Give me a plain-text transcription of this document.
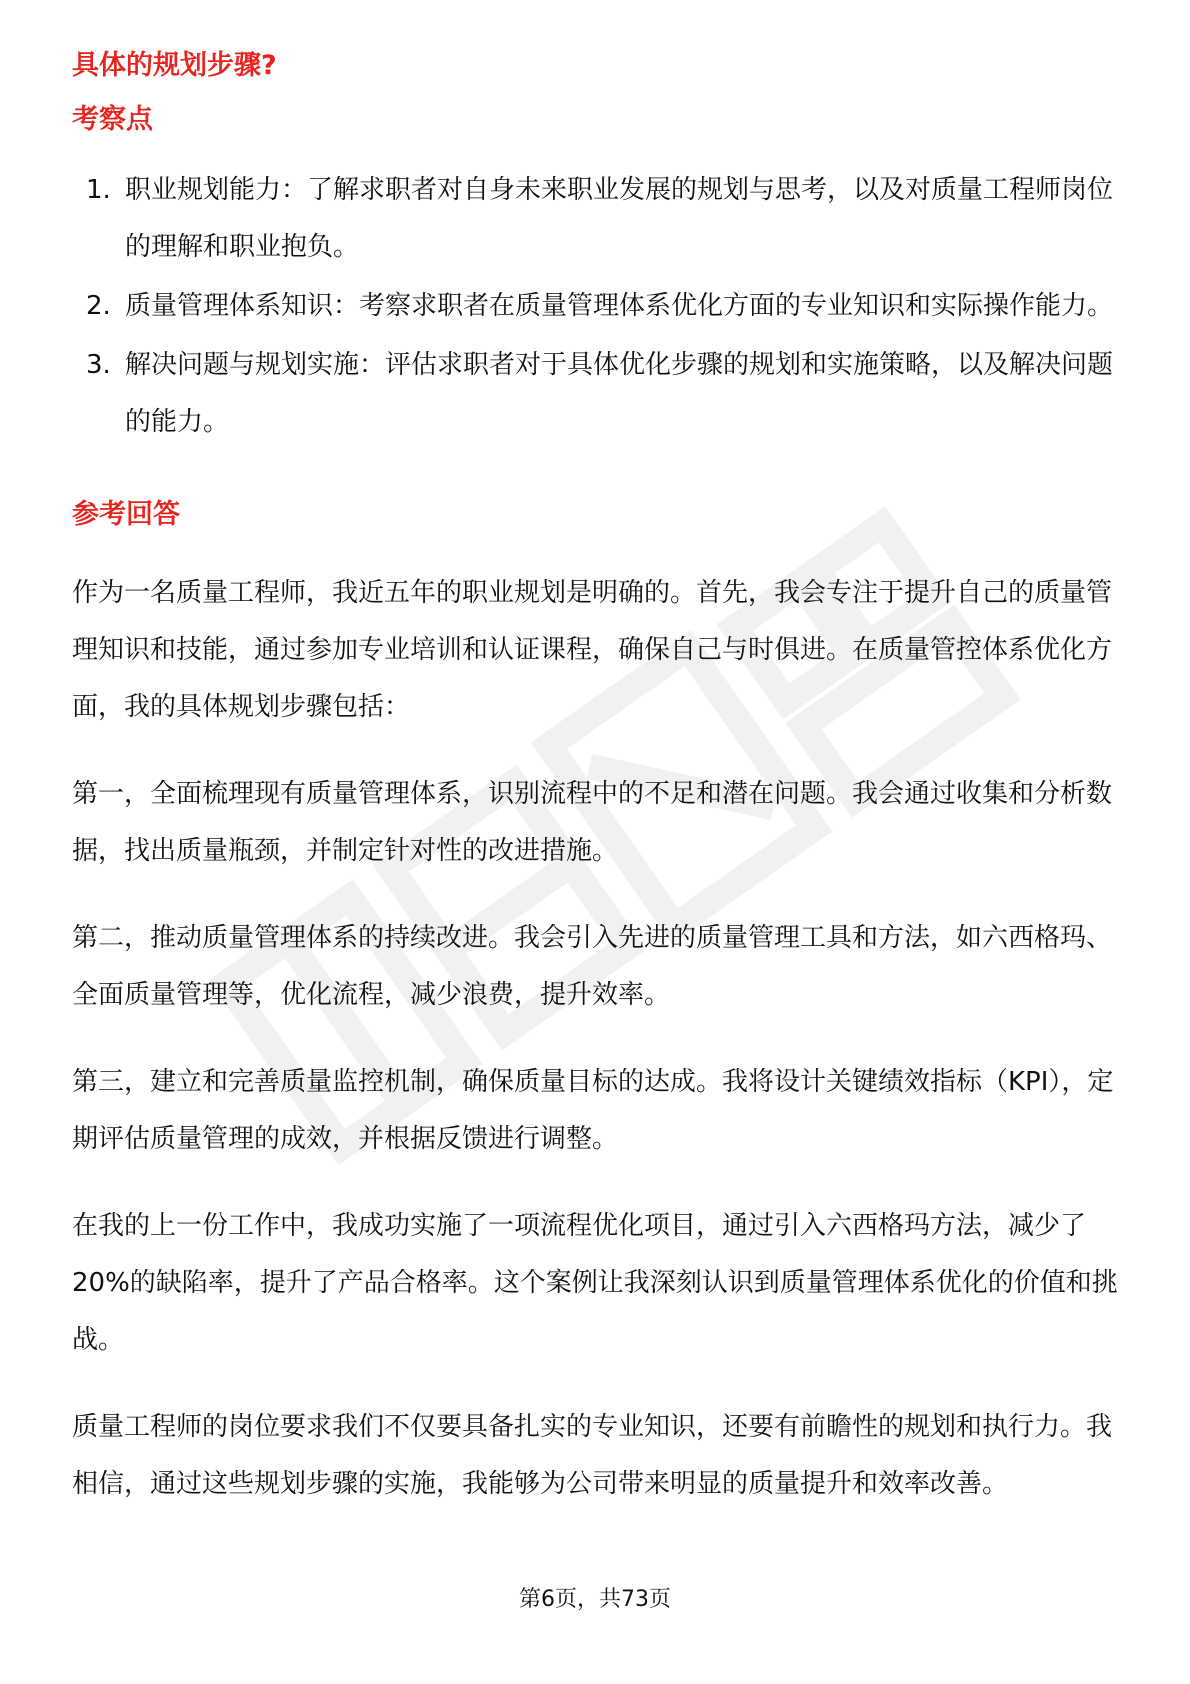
具体的规划步骤?
考察点
1. 职业规划能力：了解求职者对自身未来职业发展的规划与思考，以及对质量工程师岗位的理解和职业抱负。
2. 质量管理体系知识：考察求职者在质量管理体系优化方面的专业知识和实际操作能力。
3. 解决问题与规划实施：评估求职者对于具体优化步骤的规划和实施策略，以及解决问题的能力。
参考回答

作为一名质量工程师，我近五年的职业规划是明确的。首先，我会专注于提升自己的质量管理知识和技能，通过参加专业培训和认证课程，确保自己与时俱进。在质量管控体系优化方面，我的具体规划步骤包括：

第一，全面梳理现有质量管理体系，识别流程中的不足和潜在问题。我会通过收集和分析数据，找出质量瓶颈，并制定针对性的改进措施。

第二，推动质量管理体系的持续改进。我会引入先进的质量管理工具和方法，如六西格玛、全面质量管理等，优化流程，减少浪费，提升效率。

第三，建立和完善质量监控机制，确保质量目标的达成。我将设计关键绩效指标（KPI），定期评估质量管理的成效，并根据反馈进行调整。

在我的上一份工作中，我成功实施了一项流程优化项目，通过引入六西格玛方法，减少了20%的缺陷率，提升了产品合格率。这个案例让我深刻认识到质量管理体系优化的价值和挑战。

质量工程师的岗位要求我们不仅要具备扎实的专业知识，还要有前瞻性的规划和执行力。我相信，通过这些规划步骤的实施，我能够为公司带来明显的质量提升和效率改善。

第6页，共73页
